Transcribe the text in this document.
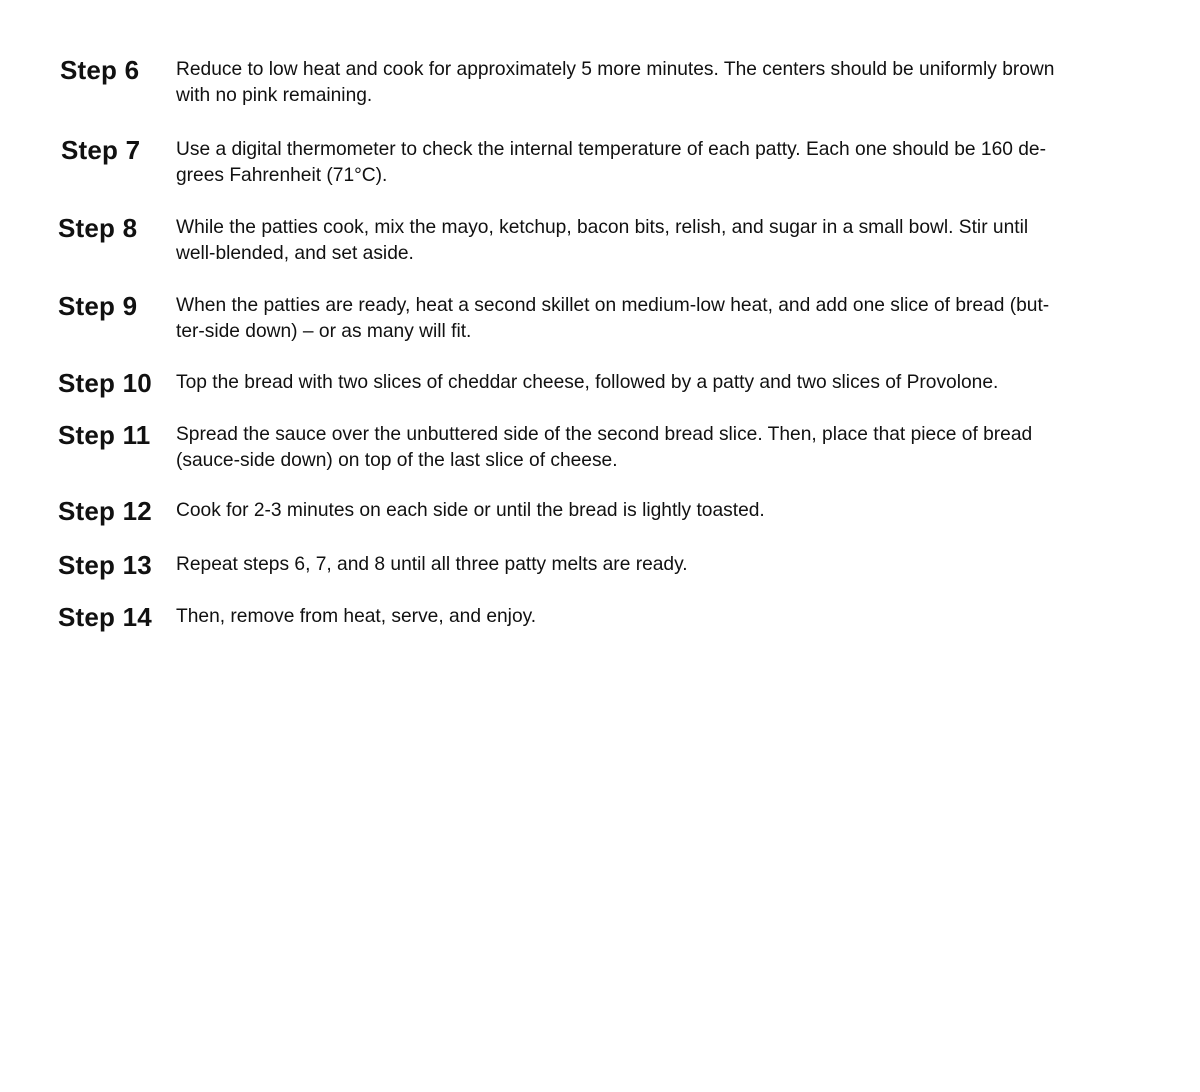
Step 6 Reduce to low heat and cook for approximately 5 more minutes. The centers should be uniformly brown
with no pink remaining.
Step 7 Use a digital thermometer to check the internal temperature of each patty. Each one should be 160 de-
grees Fahrenheit (71°C).
Step 8 While the patties cook, mix the mayo, ketchup, bacon bits, relish, and sugar in a small bowl. Stir until
well-blended, and set aside.
Step 9 When the patties are ready, heat a second skillet on medium-low heat, and add one slice of bread (but-
ter-side down) – or as many will fit.
Step 10 Top the bread with two slices of cheddar cheese, followed by a patty and two slices of Provolone.
Step 11 Spread the sauce over the unbuttered side of the second bread slice. Then, place that piece of bread
(sauce-side down) on top of the last slice of cheese.
Step 12 Cook for 2-3 minutes on each side or until the bread is lightly toasted.
Step 13 Repeat steps 6, 7, and 8 until all three patty melts are ready.
Step 14 Then, remove from heat, serve, and enjoy.
